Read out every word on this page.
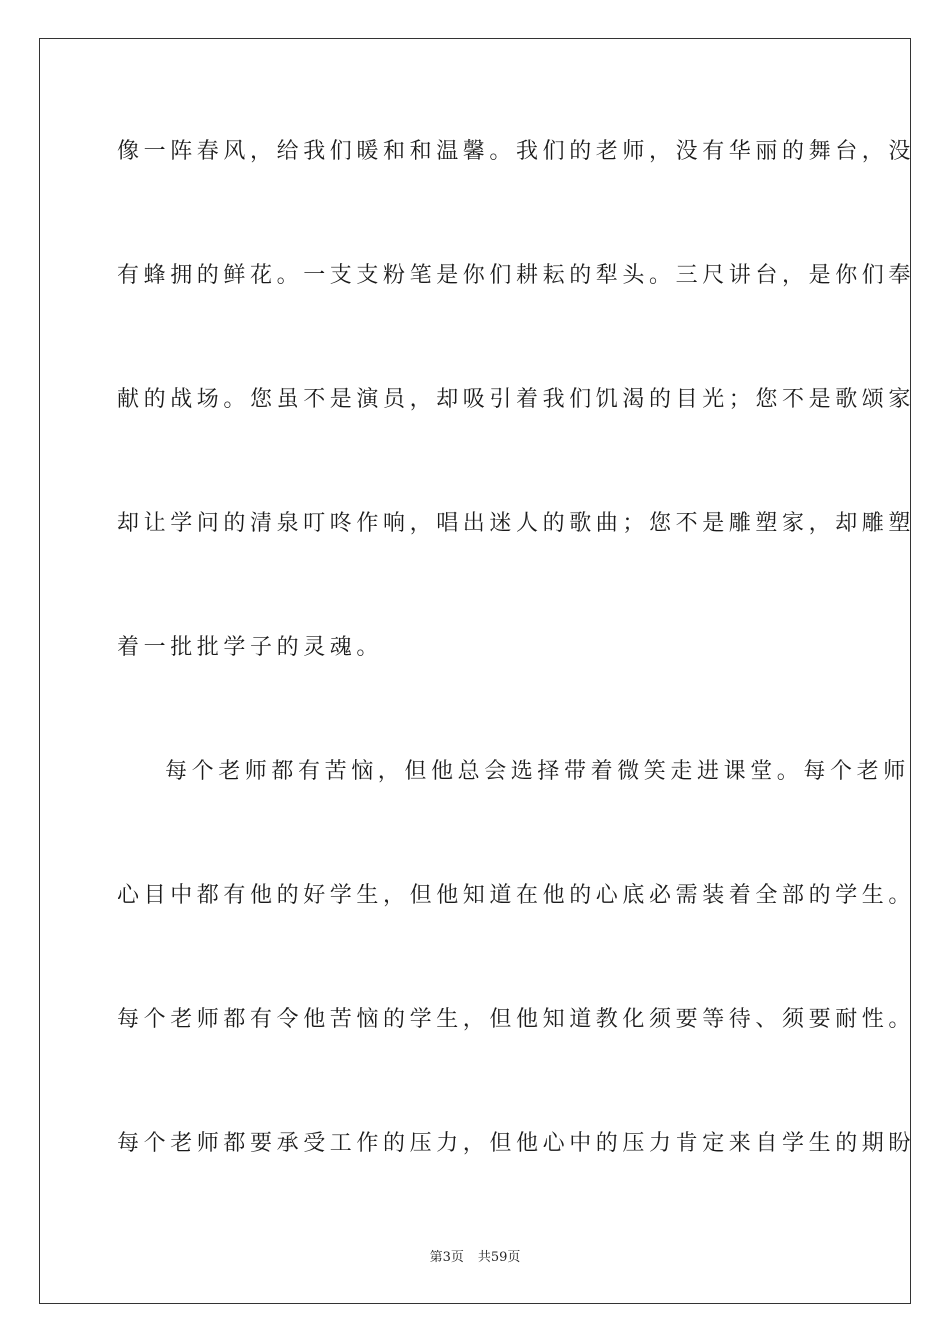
像一阵春风，给我们暖和和温馨。我们的老师，没有华丽的舞台，没
有蜂拥的鲜花。一支支粉笔是你们耕耘的犁头。三尺讲台，是你们奉
献的战场。您虽不是演员，却吸引着我们饥渴的目光；您不是歌颂家
却让学问的清泉叮咚作响，唱出迷人的歌曲；您不是雕塑家，却雕塑
着一批批学子的灵魂。
每个老师都有苦恼，但他总会选择带着微笑走进课堂。每个老师
心目中都有他的好学生，但他知道在他的心底必需装着全部的学生。
每个老师都有令他苦恼的学生，但他知道教化须要等待、须要耐性。
每个老师都要承受工作的压力，但他心中的压力肯定来自学生的期盼
第3页 共59页
